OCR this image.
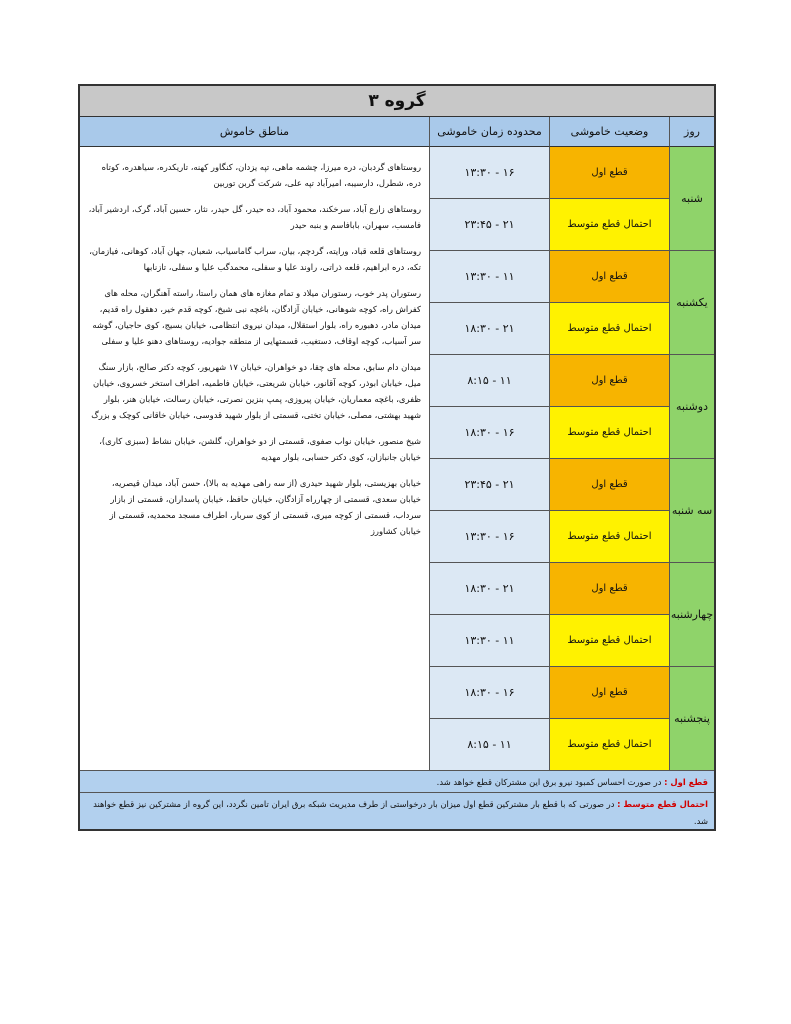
گروه ۳
روز
وضعیت خاموشی
محدوده زمان خاموشی
مناطق خاموش
شنبه
قطع اول
احتمال قطع متوسط
۱۶ - ۱۳:۳۰
۲۱ - ۲۳:۴۵
یکشنبه
قطع اول
احتمال قطع متوسط
۱۱ - ۱۳:۳۰
۲۱ - ۱۸:۳۰
دوشنبه
قطع اول
احتمال قطع متوسط
۱۱ - ۸:۱۵
۱۶ - ۱۸:۳۰
سه شنبه
قطع اول
احتمال قطع متوسط
۲۱ - ۲۳:۴۵
۱۶ - ۱۳:۳۰
چهارشنبه
قطع اول
احتمال قطع متوسط
۲۱ - ۱۸:۳۰
۱۱ - ۱۳:۳۰
پنجشنبه
قطع اول
احتمال قطع متوسط
۱۶ - ۱۸:۳۰
۱۱ - ۸:۱۵

روستاهای گردبان، دره میرزا، چشمه ماهی، تپه یزدان، کنگاور کهنه، تاریکدره، سیاهدره، کوتاه دره، شطرل، دارسیبه، امیرآباد تپه علی، شرکت گربن توربین

روستاهای زارع آباد، سرخکند، محمود آباد، ده حیدر، گل حیدر، نثار، حسین آباد، گرک، اردشیر آباد، فامسب، سهران، بابافاسم و بنبه حیدر

روستاهای قلعه قباد، ورایته، گردچم، بیان، سراب گاماسیاب، شعبان، جهان آباد، کوهانی، فیازمان، تکه، دره ابراهیم، قلعه ذراتی، راوند علیا و سفلی، محمدگب علیا و سفلی، تازنابها

رستوران پدر خوب، رستوران میلاد و تمام مغازه های همان راستا، راسته آهنگران، محله های کفراش راه، کوچه شوهانی، خیابان آزادگان، باغچه نبی شیخ، کوچه قدم خیر، دهقول راه قدیم، میدان مادر، دهبوره راه، بلوار استقلال، میدان نیروی انتظامی، خیابان بسیج، کوی حاجیان، گوشه سر آسیاب، کوچه اوقاف، دستغیب، قسمتهایی از منطقه جوادیه، روستاهای دهنو علیا و سفلی

میدان دام سابق، محله های چقا، دو خواهران، خیابان ۱۷ شهریور، کوچه دکتر صالح، بازار سنگ میل، خیابان ابوذر، کوچه آقانور، خیابان شریعتی، خیابان فاطمیه، اطراف استخر خسروی، خیابان ظفری، باغچه معماریان، خیابان پیروزی، پمپ بنزین نصرتی، خیابان رسالت، خیابان هنر، بلوار شهید بهشتی، مصلی، خیابان تختی، قسمتی از بلوار شهید قدوسی، خیابان خاقانی کوچک و بزرگ

شیخ منصور، خیابان نواب صفوی، قسمتی از دو خواهران، گلشن، خیابان نشاط (سبزی کاری)، خیابان جانبازان، کوی دکتر حسابی، بلوار مهدیه

خیابان بهزیستی، بلوار شهید حیدری (از سه راهی مهدیه به بالا)، حسن آباد، میدان قیصریه، خیابان سعدی، قسمتی از چهارراه آزادگان، خیابان حافظ، خیابان پاسداران، قسمتی از بازار سرداب، قسمتی از کوچه میری، قسمتی از کوی سربار، اطراف مسجد محمدیه، قسمتی از خیابان کشاورز

قطع اول : در صورت احساس کمبود نیرو برق این مشترکان قطع خواهد شد.
احتمال قطع متوسط : در صورتی که با قطع بار مشترکین قطع اول میزان بار درخواستی از طرف مدیریت شبکه برق ایران تامین نگردد، این گروه از مشترکین نیز قطع خواهند شد.
